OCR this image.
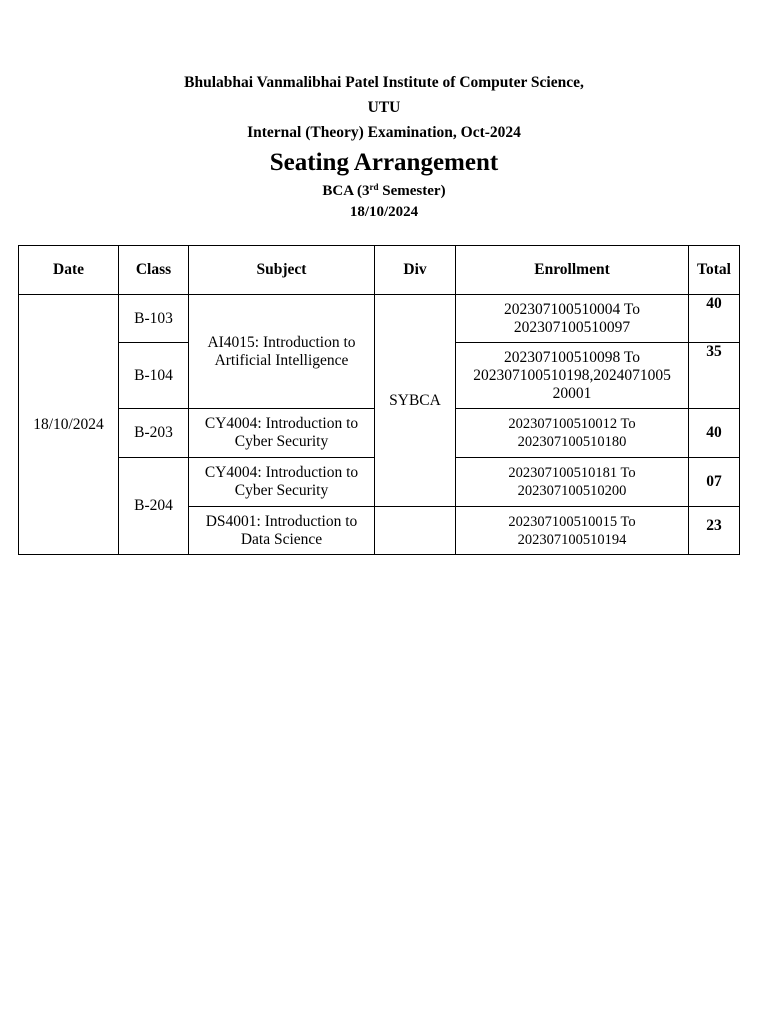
Bhulabhai Vanmalibhai Patel Institute of Computer Science,
UTU
Internal (Theory) Examination, Oct-2024
Seating Arrangement
BCA (3rd Semester)
18/10/2024
Date	Class	Subject	Div	Enrollment	Total
18/10/2024	B-103	AI4015: Introduction to Artificial Intelligence	SYBCA	202307100510004 To
202307100510097	40
	B-104			202307100510098 To
202307100510198,2024071005
20001	35
	B-203	CY4004: Introduction to Cyber Security		202307100510012 To
202307100510180	40
	B-204	CY4004: Introduction to Cyber Security		202307100510181 To
202307100510200	07
		DS4001: Introduction to Data Science		202307100510015 To
202307100510194	23
